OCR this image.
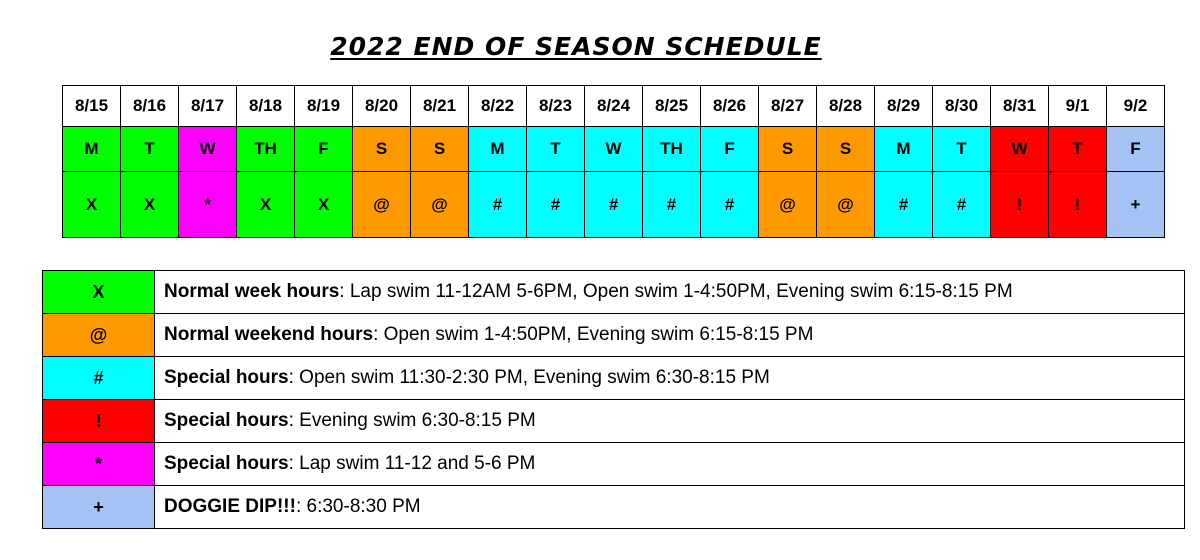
2022 END OF SEASON SCHEDULE
8/15	8/16	8/17	8/18	8/19	8/20	8/21	8/22	8/23	8/24	8/25	8/26	8/27	8/28	8/29	8/30	8/31	9/1	9/2
M	T	W	TH	F	S	S	M	T	W	TH	F	S	S	M	T	W	T	F
X	X	*	X	X	@	@	#	#	#	#	#	@	@	#	#	!	!	+
X	Normal week hours: Lap swim 11-12AM 5-6PM, Open swim 1-4:50PM, Evening swim 6:15-8:15 PM
@	Normal weekend hours: Open swim 1-4:50PM, Evening swim 6:15-8:15 PM
#	Special hours: Open swim 11:30-2:30 PM, Evening swim 6:30-8:15 PM
!	Special hours: Evening swim 6:30-8:15 PM
*	Special hours: Lap swim 11-12 and 5-6 PM
+	DOGGIE DIP!!!: 6:30-8:30 PM
